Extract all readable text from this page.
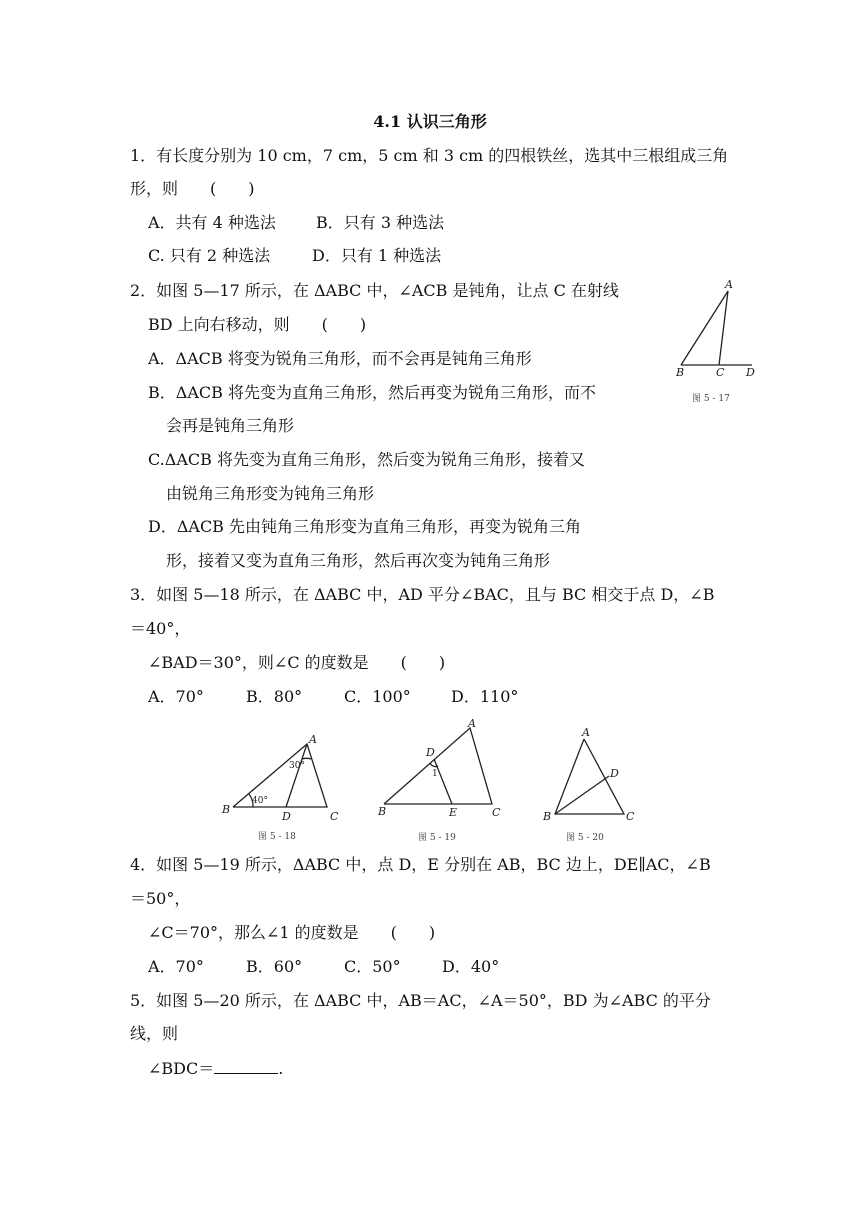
4.1 认识三角形
1．有长度分别为 10 cm，7 cm，5 cm 和 3 cm 的四根铁丝，选其中三根组成三角
形，则　　(　　)
A．共有 4 种选法	B．只有 3 种选法
C. 只有 2 种选法	D．只有 1 种选法
2．如图 5—17 所示，在 ΔABC 中，∠ACB 是钝角，让点 C 在射线
BD 上向右移动，则　　(　　)
A．ΔACB 将变为锐角三角形，而不会再是钝角三角形
B．ΔACB 将先变为直角三角形，然后再变为锐角三角形，而不
会再是钝角三角形
C.ΔACB 将先变为直角三角形，然后变为锐角三角形，接着又
由锐角三角形变为钝角三角形
D．ΔACB 先由钝角三角形变为直角三角形，再变为锐角三角
形，接着又变为直角三角形，然后再次变为钝角三角形
A
B	C D
图 5 - 17
3．如图 5—18 所示，在 ΔABC 中，AD 平分∠BAC，且与 BC 相交于点 D，∠B
＝40°，
∠BAD＝30°，则∠C 的度数是　　(　　)
A．70°	B．80°	C．100°	D．110°
A
B
D	C
40°
30°
图 5 - 18
A
D
1
B	E	C
图 5 - 19
A
D
B	C
图 5 - 20
4．如图 5—19 所示，ΔABC 中，点 D，E 分别在 AB，BC 边上，DE∥AC，∠B
＝50°，
∠C＝70°，那么∠1 的度数是　　(　　)
A．70°	B．60°	C．50°	D．40°
5．如图 5—20 所示，在 ΔABC 中，AB＝AC，∠A＝50°，BD 为∠ABC 的平分
线，则
∠BDC＝	.
